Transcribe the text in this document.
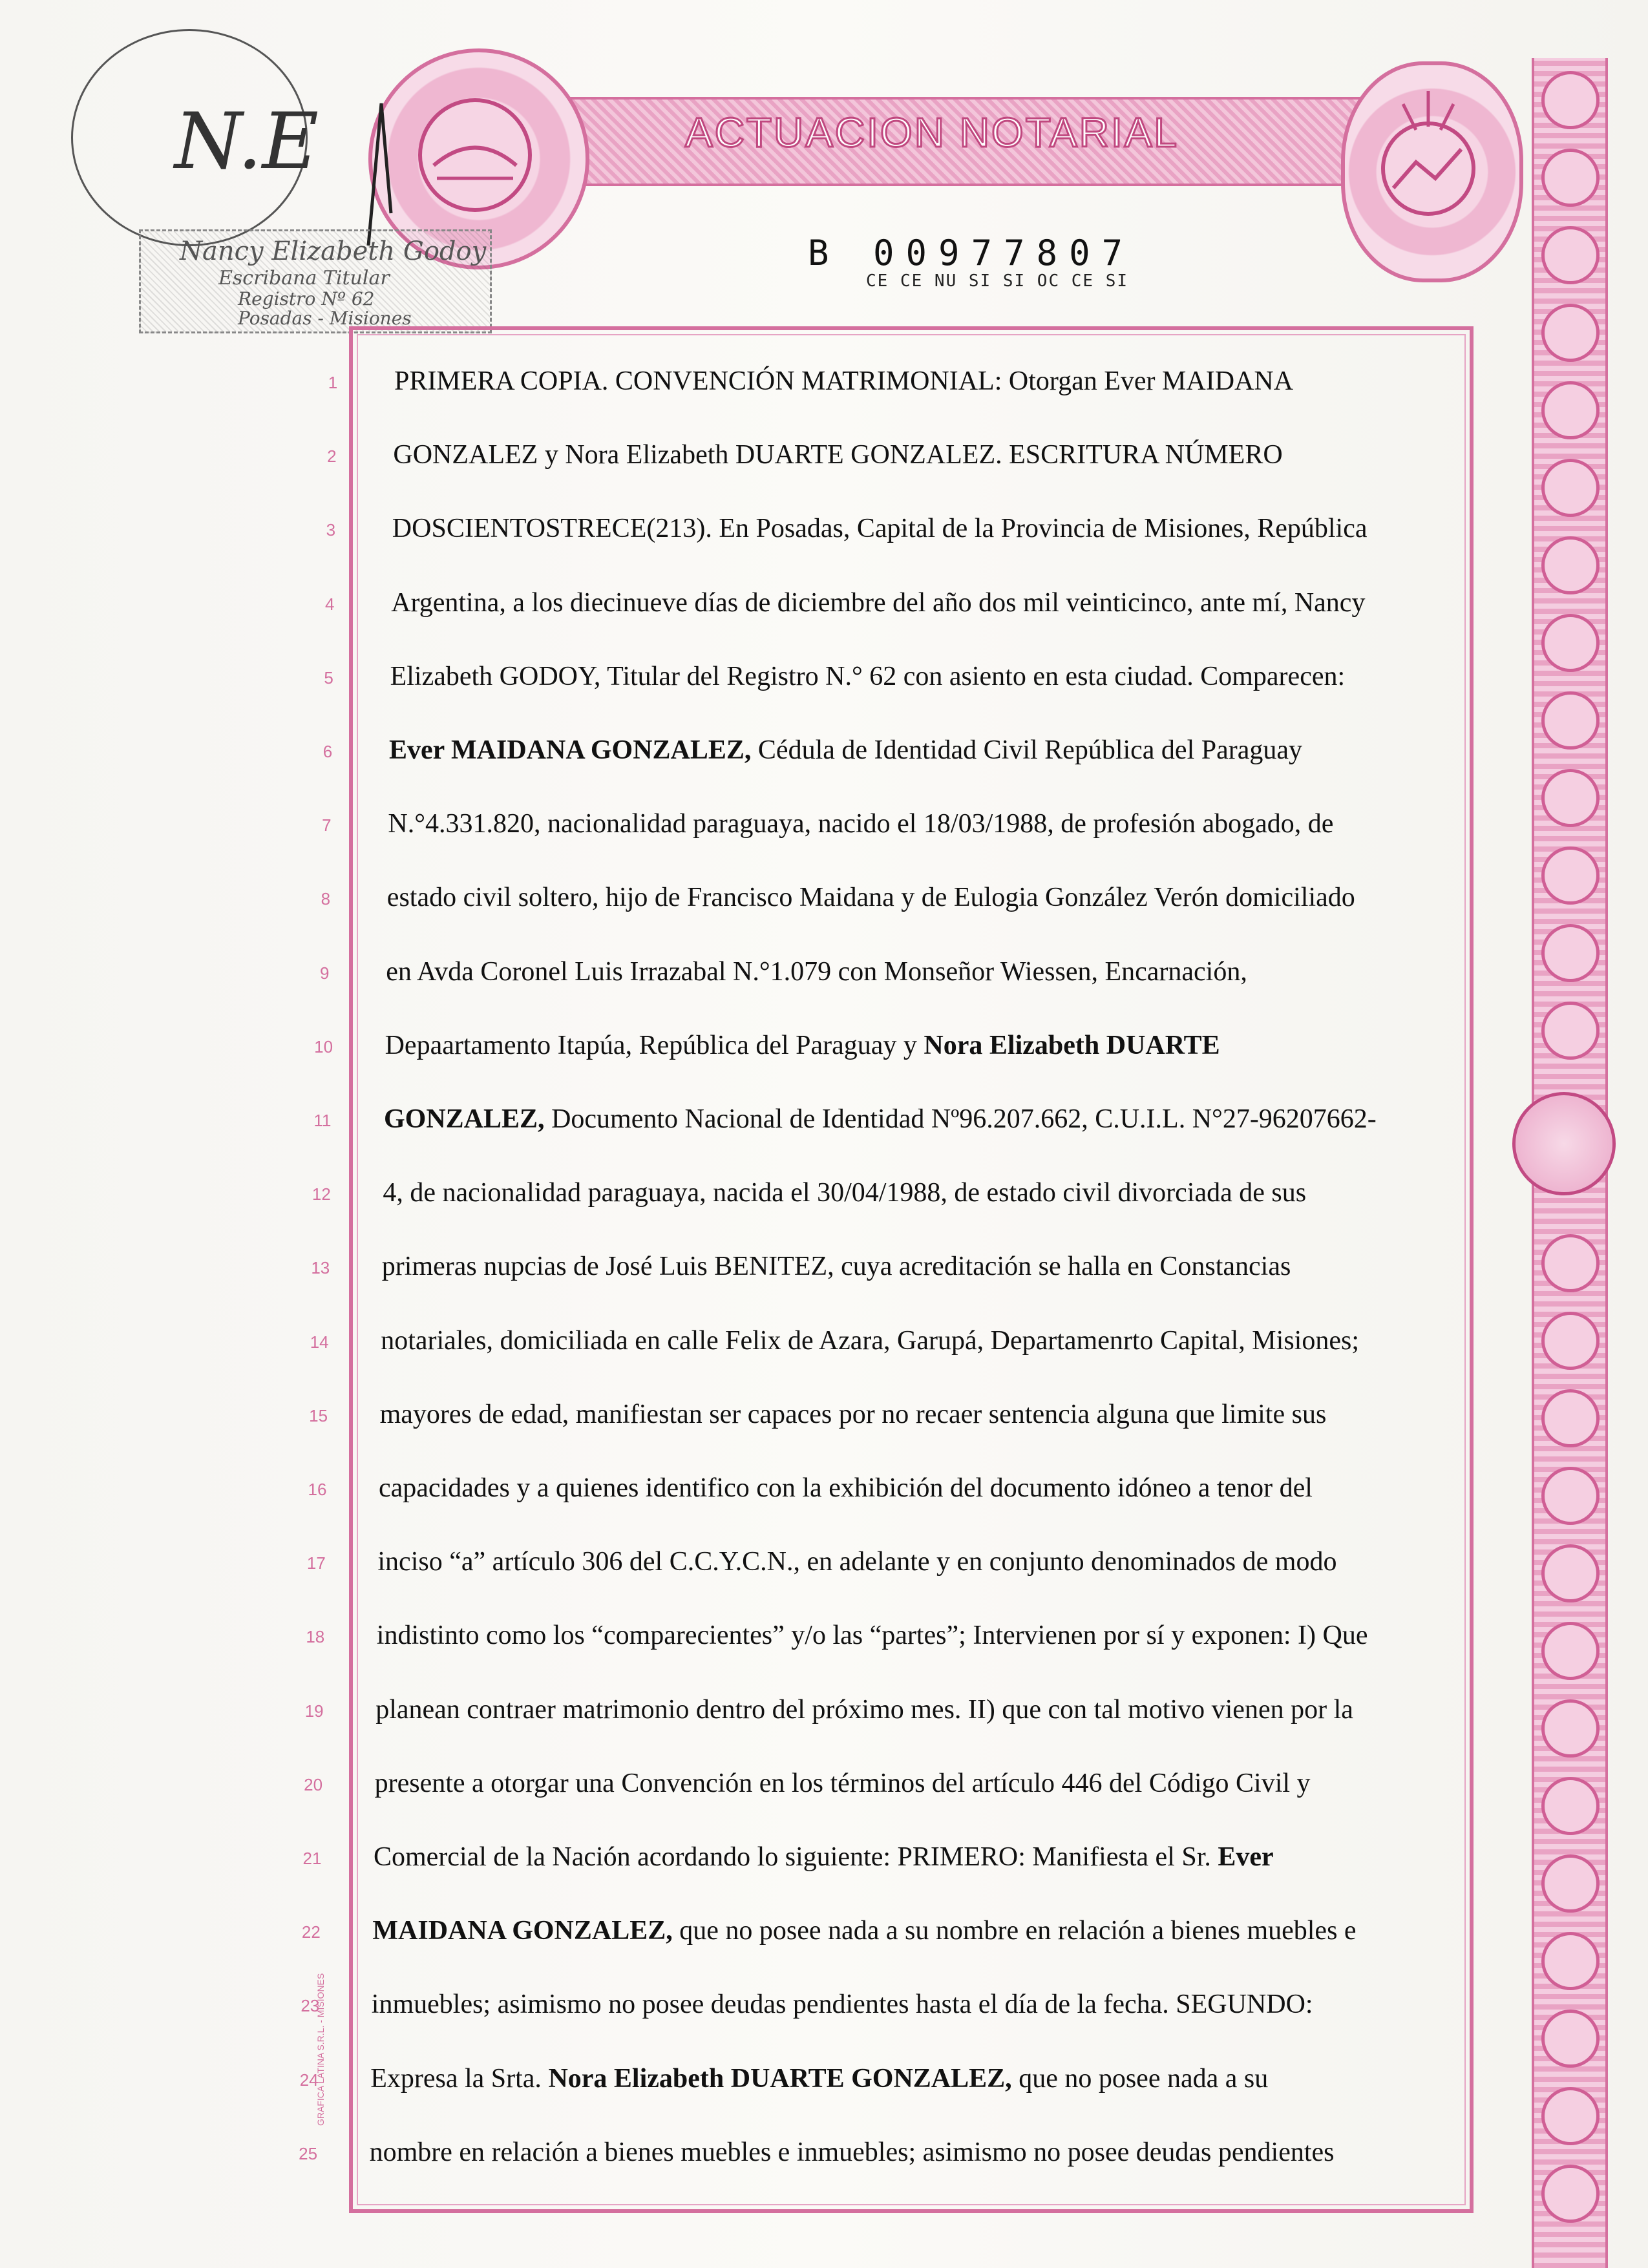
ACTUACION NOTARIAL
B 00977807
CE CE NU SI SI OC CE SI
N.E
Nancy Elizabeth Godoy
Escribana Titular
Registro Nº 62
Posadas - Misiones
GRAFICA LATINA S.R.L. - MISIONES
1	PRIMERA COPIA. CONVENCIÓN MATRIMONIAL: Otorgan Ever MAIDANA
2	GONZALEZ y Nora Elizabeth DUARTE GONZALEZ. ESCRITURA NÚMERO
3	DOSCIENTOSTRECE(213). En Posadas, Capital de la Provincia de Misiones, República
4	Argentina, a los diecinueve días de diciembre del año dos mil veinticinco, ante mí, Nancy
5	Elizabeth GODOY, Titular del Registro N.° 62 con asiento en esta ciudad. Comparecen:
6	Ever MAIDANA GONZALEZ, Cédula de Identidad Civil República del Paraguay
7	N.°4.331.820, nacionalidad paraguaya, nacido el 18/03/1988, de profesión abogado, de
8	estado civil soltero, hijo de Francisco Maidana y de Eulogia González Verón domiciliado
9	en Avda Coronel Luis Irrazabal N.°1.079 con Monseñor Wiessen, Encarnación,
10	Depaartamento Itapúa, República del Paraguay y Nora Elizabeth DUARTE
11	GONZALEZ, Documento Nacional de Identidad Nº96.207.662, C.U.I.L. N°27-96207662-
12	4, de nacionalidad paraguaya, nacida el 30/04/1988, de estado civil divorciada de sus
13	primeras nupcias de José Luis BENITEZ, cuya acreditación se halla en Constancias
14	notariales, domiciliada en calle Felix de Azara, Garupá, Departamenrto Capital, Misiones;
15	mayores de edad, manifiestan ser capaces por no recaer sentencia alguna que limite sus
16	capacidades y a quienes identifico con la exhibición del documento idóneo a tenor del
17	inciso “a” artículo 306 del C.C.Y.C.N., en adelante y en conjunto denominados de modo
18	indistinto como los “comparecientes” y/o las “partes”; Intervienen por sí y exponen: I) Que
19	planean contraer matrimonio dentro del próximo mes. II) que con tal motivo vienen por la
20	presente a otorgar una Convención en los términos del artículo 446 del Código Civil y
21	Comercial de la Nación acordando lo siguiente: PRIMERO: Manifiesta el Sr. Ever
22	MAIDANA GONZALEZ, que no posee nada a su nombre en relación a bienes muebles e
23	inmuebles; asimismo no posee deudas pendientes hasta el día de la fecha. SEGUNDO:
24	Expresa la Srta. Nora Elizabeth DUARTE GONZALEZ, que no posee nada a su
25	nombre en relación a bienes muebles e inmuebles; asimismo no posee deudas pendientes
